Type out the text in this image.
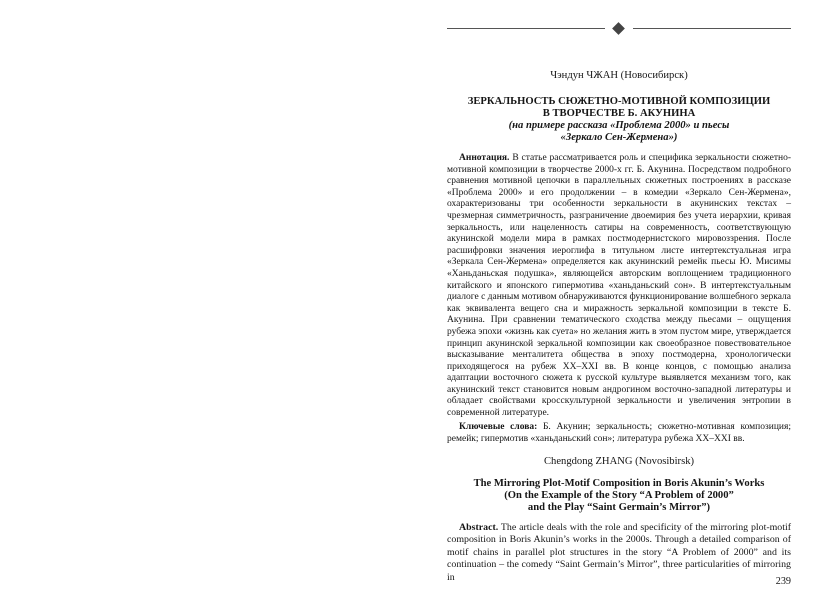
Чэндун ЧЖАН (Новосибирск)
ЗЕРКАЛЬНОСТЬ СЮЖЕТНО-МОТИВНОЙ КОМПОЗИЦИИ
В ТВОРЧЕСТВЕ Б. АКУНИНА
(на примере рассказа «Проблема 2000» и пьесы
«Зеркало Сен-Жермена»)
Аннотация. В статье рассматривается роль и специфика зеркальности сюжетно-мотивной композиции в творчестве 2000-х гг. Б. Акунина. Посредством подробного сравнения мотивной цепочки в параллельных сюжетных построениях в рассказе «Проблема 2000» и его продолжении – в комедии «Зеркало Сен-Жермена», охарактеризованы три особенности зеркальности в акунинских текстах – чрезмерная симметричность, разграничение двоемирия без учета иерархии, кривая зеркальность, или нацеленность сатиры на современность, соответствующую акунинской модели мира в рамках постмодернистского мировоззрения. После расшифровки значения иероглифа в титульном листе интертекстуальная игра «Зеркала Сен-Жермена» определяется как акунинский ремейк пьесы Ю. Мисимы «Ханьданьская подушка», являющейся авторским воплощением традиционного китайского и японского гипермотива «ханьданьский сон». В интертекстуальным диалоге с данным мотивом обнаруживаются функционирование волшебного зеркала как эквивалента вещего сна и миражность зеркальной композиции в тексте Б. Акунина. При сравнении тематического сходства между пьесами – ощущения рубежа эпохи «жизнь как суета» но желания жить в этом пустом мире, утверждается принцип акунинской зеркальной композиции как своеобразное повествовательное высказывание менталитета общества в эпоху постмодерна, хронологически приходящегося на рубеж XX–XXI вв. В конце концов, с помощью анализа адаптации восточного сюжета к русской культуре выявляется механизм того, как акунинский текст становится новым андрогином восточно-западной литературы и обладает свойствами кросскультурной зеркальности и увеличения энтропии в современной литературе.
Ключевые слова: Б. Акунин; зеркальность; сюжетно-мотивная композиция; ремейк; гипермотив «ханьданьский сон»; литература рубежа XX–XXI вв.
Chengdong ZHANG (Novosibirsk)
The Mirroring Plot-Motif Composition in Boris Akunin’s Works
(On the Example of the Story “A Problem of 2000”
and the Play “Saint Germain’s Mirror”)
Abstract. The article deals with the role and specificity of the mirroring plot-motif composition in Boris Akunin’s works in the 2000s. Through a detailed comparison of motif chains in parallel plot structures in the story “A Problem of 2000” and its continuation – the comedy “Saint Germain’s Mirror”, three particularities of mirroring in	239
